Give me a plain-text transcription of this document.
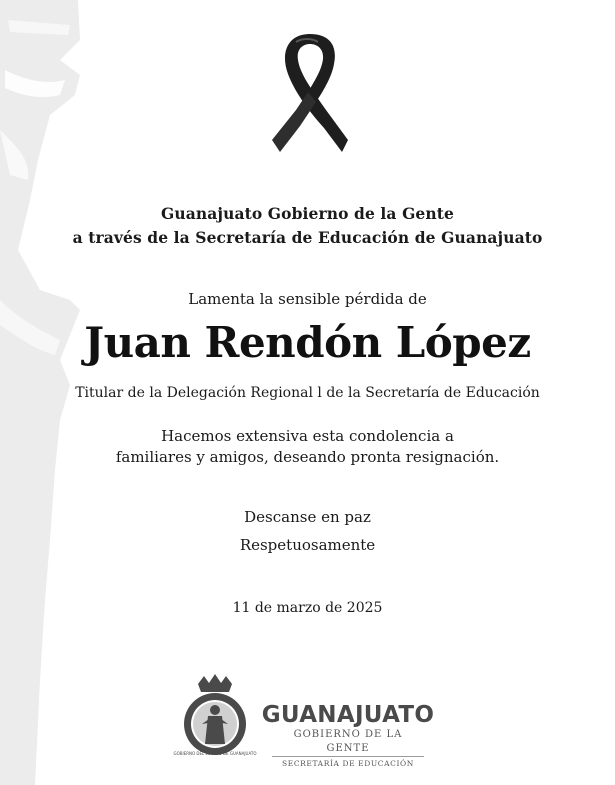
Guanajuato Gobierno de la Gente
a través de la Secretaría de Educación de Guanajuato
Lamenta la sensible pérdida de
Juan Rendón López
Titular de la Delegación Regional l de la Secretaría de Educación
Hacemos extensiva esta condolencia a
familiares y amigos, deseando pronta resignación.
Descanse en paz
Respetuosamente
11 de marzo de 2025
GOBIERNO DEL ESTADO DE GUANAJUATO
GUANAJUATO
GOBIERNO DE LA GENTE
SECRETARÍA DE EDUCACIÓN
